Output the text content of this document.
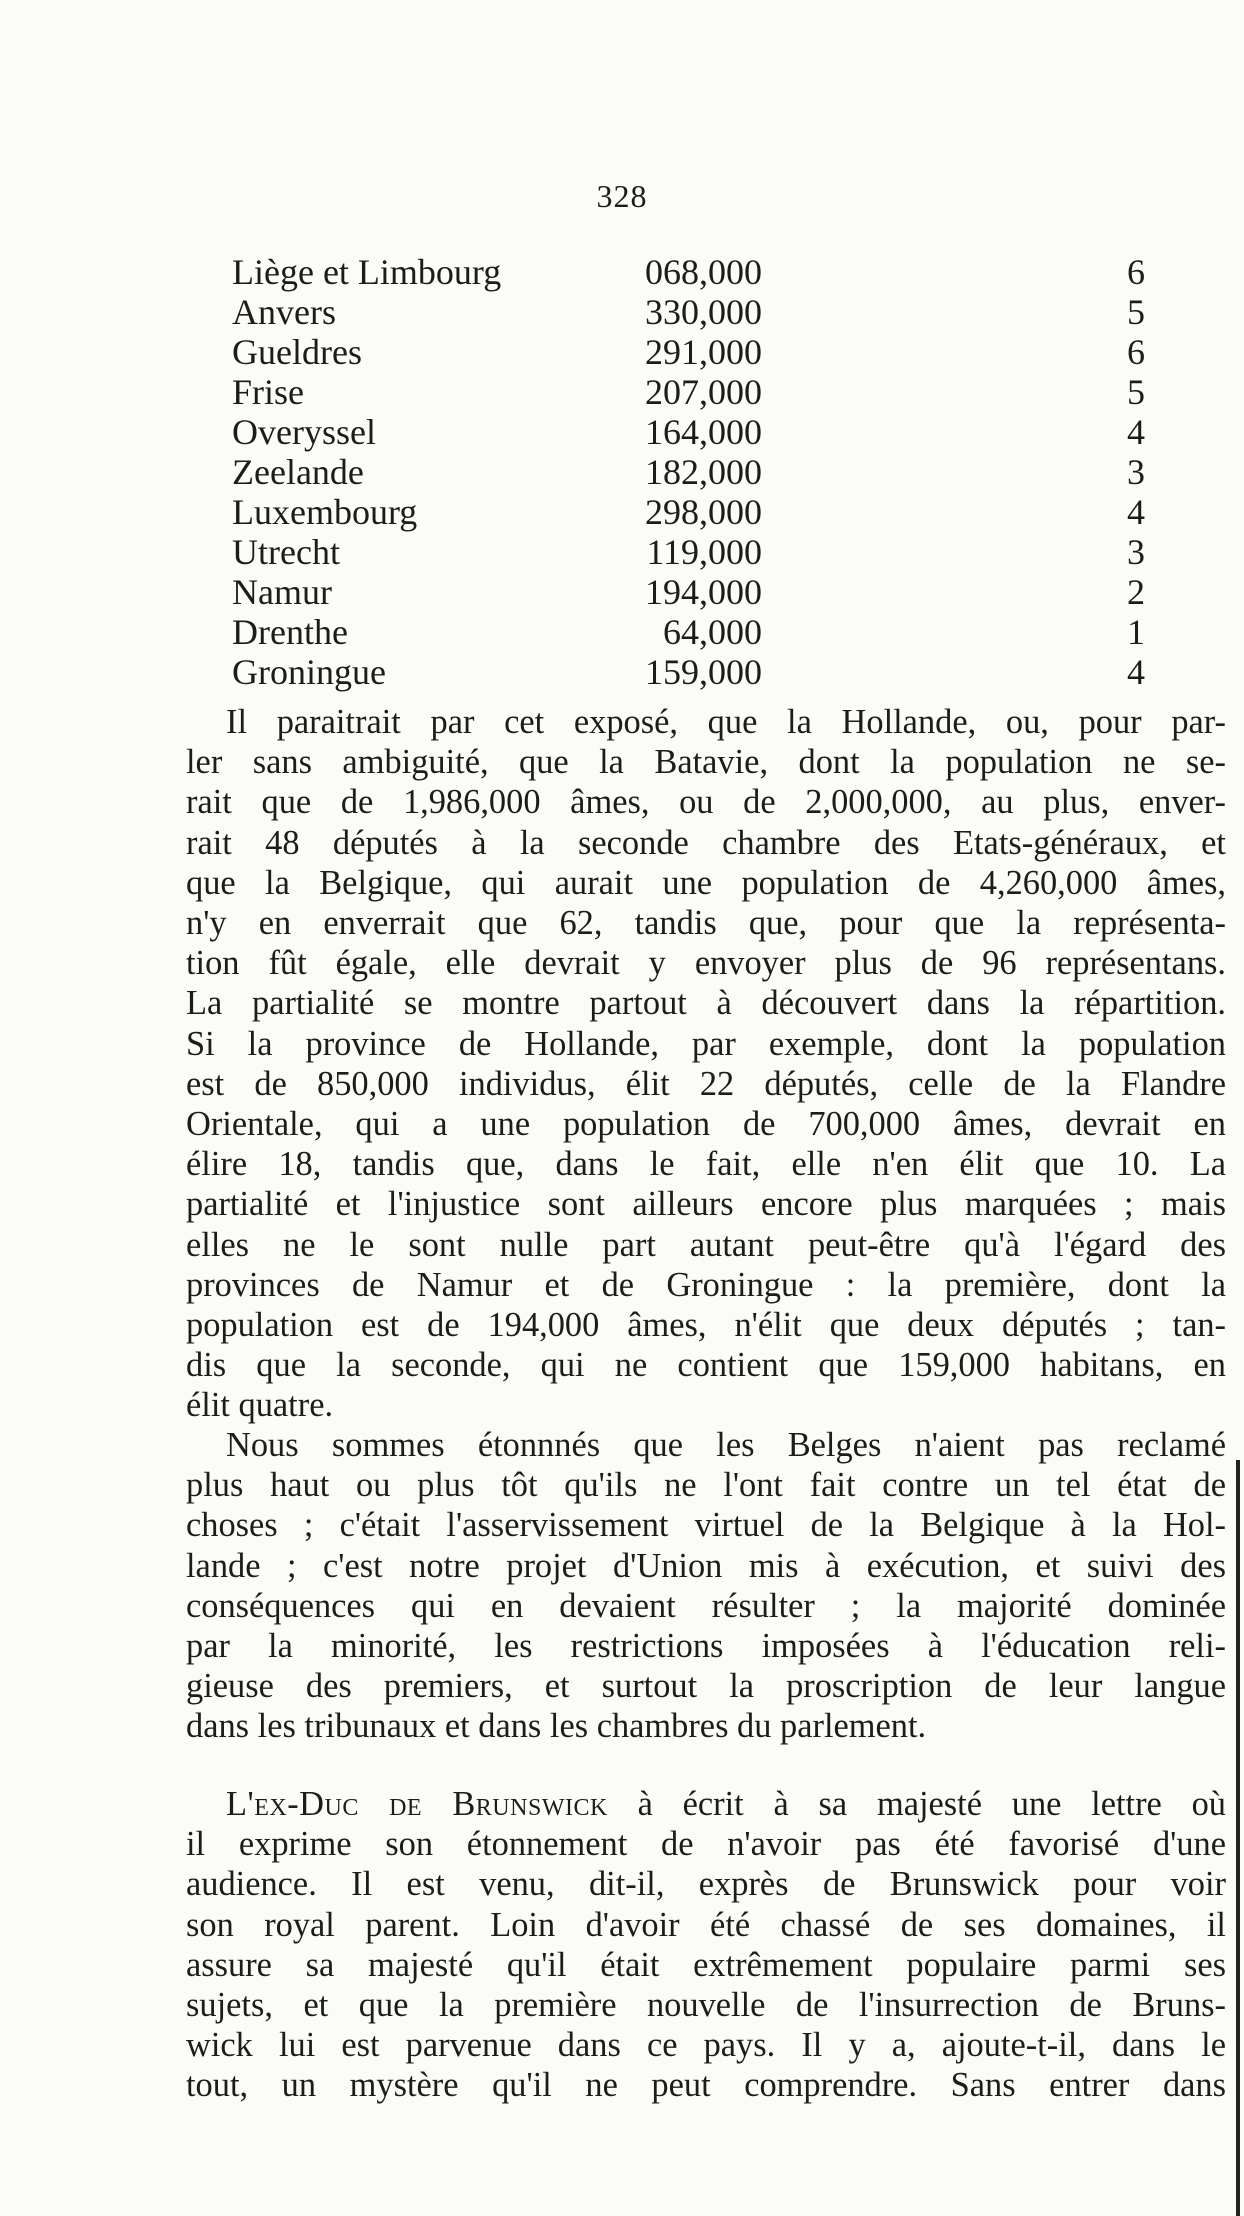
328
Liège et Limbourg	068,000	6
Anvers	330,000	5
Gueldres	291,000	6
Frise	207,000	5
Overyssel	164,000	4
Zeelande	182,000	3
Luxembourg	298,000	4
Utrecht	119,000	3
Namur	194,000	2
Drenthe	64,000	1
Groningue	159,000	4
Il paraitrait par cet exposé, que la Hollande, ou, pour par-
ler sans ambiguité, que la Batavie, dont la population ne se-
rait que de 1,986,000 âmes, ou de 2,000,000, au plus, enver-
rait 48 députés à la seconde chambre des Etats-généraux, et
que la Belgique, qui aurait une population de 4,260,000 âmes,
n'y en enverrait que 62, tandis que, pour que la représenta-
tion fût égale, elle devrait y envoyer plus de 96 représentans.
La partialité se montre partout à découvert dans la répartition.
Si la province de Hollande, par exemple, dont la population
est de 850,000 individus, élit 22 députés, celle de la Flandre
Orientale, qui a une population de 700,000 âmes, devrait en
élire 18, tandis que, dans le fait, elle n'en élit que 10. La
partialité et l'injustice sont ailleurs encore plus marquées ; mais
elles ne le sont nulle part autant peut-être qu'à l'égard des
provinces de Namur et de Groningue : la première, dont la
population est de 194,000 âmes, n'élit que deux députés ; tan-
dis que la seconde, qui ne contient que 159,000 habitans, en
élit quatre.
Nous sommes étonnnés que les Belges n'aient pas reclamé
plus haut ou plus tôt qu'ils ne l'ont fait contre un tel état de
choses ; c'était l'asservissement virtuel de la Belgique à la Hol-
lande ; c'est notre projet d'Union mis à exécution, et suivi des
conséquences qui en devaient résulter ; la majorité dominée
par la minorité, les restrictions imposées à l'éducation reli-
gieuse des premiers, et surtout la proscription de leur langue
dans les tribunaux et dans les chambres du parlement.
L'ex-Duc de Brunswick à écrit à sa majesté une lettre où
il exprime son étonnement de n'avoir pas été favorisé d'une
audience. Il est venu, dit-il, exprès de Brunswick pour voir
son royal parent. Loin d'avoir été chassé de ses domaines, il
assure sa majesté qu'il était extrêmement populaire parmi ses
sujets, et que la première nouvelle de l'insurrection de Bruns-
wick lui est parvenue dans ce pays. Il y a, ajoute-t-il, dans le
tout, un mystère qu'il ne peut comprendre. Sans entrer dans
